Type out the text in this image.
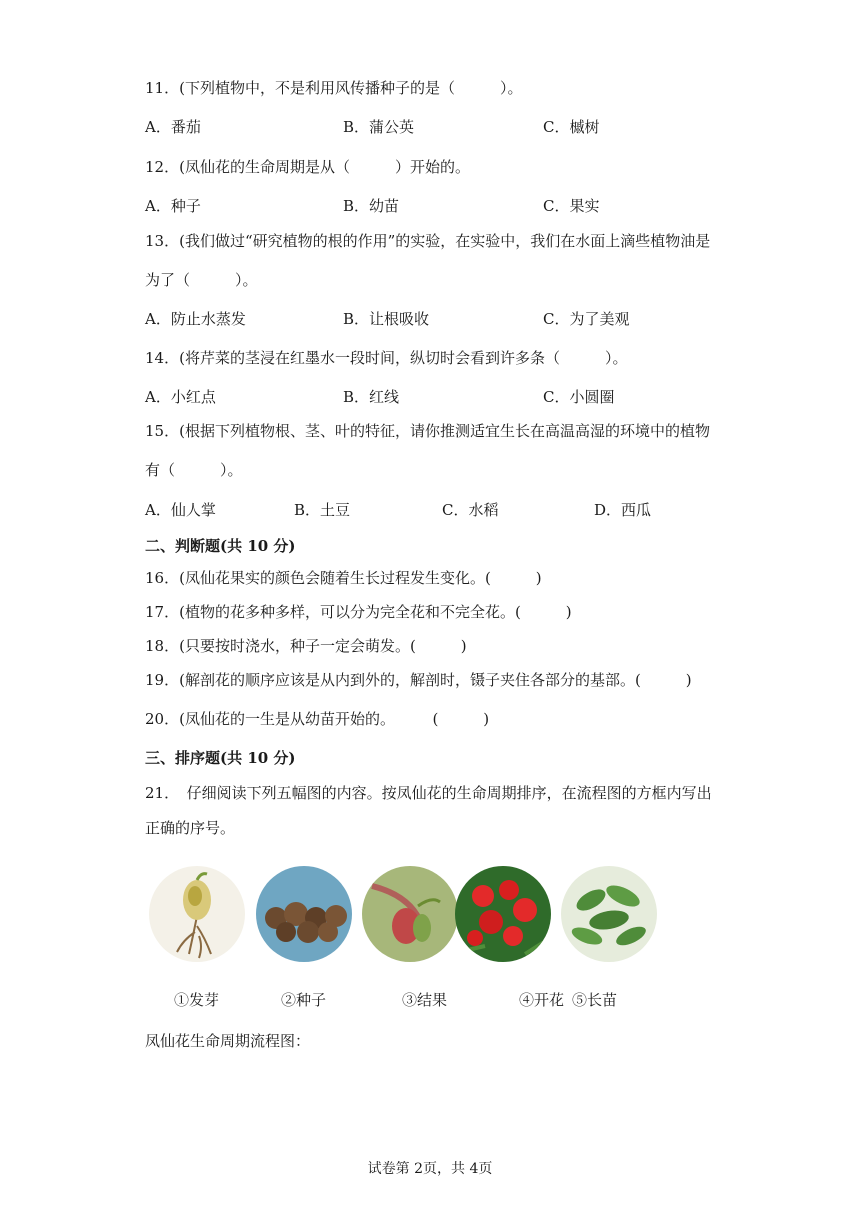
11．(下列植物中，不是利用风传播种子的是（　　　）。
A．番茄	B．蒲公英	C．槭树
12．(凤仙花的生命周期是从（　　　）开始的。
A．种子	B．幼苗	C．果实
13．(我们做过“研究植物的根的作用”的实验，在实验中，我们在水面上滴些植物油是
为了（　　　）。
A．防止水蒸发	B．让根吸收	C．为了美观
14．(将芹菜的茎浸在红墨水一段时间，纵切时会看到许多条（　　　）。
A．小红点	B．红线	C．小圆圈
15．(根据下列植物根、茎、叶的特征，请你推测适宜生长在高温高湿的环境中的植物
有（　　　）。
A．仙人掌	B．土豆	C．水稻	D．西瓜
二、判断题(共 10 分)
16．(凤仙花果实的颜色会随着生长过程发生变化。(　　　)
17．(植物的花多种多样，可以分为完全花和不完全花。(　　　)
18．(只要按时浇水，种子一定会萌发。(　　　)
19．(解剖花的顺序应该是从内到外的，解剖时，镊子夹住各部分的基部。(　　　)
20．(凤仙花的一生是从幼苗开始的。　　　(　　　)
三、排序题(共 10 分)
21．　仔细阅读下列五幅图的内容。按凤仙花的生命周期排序，在流程图的方框内写出
正确的序号。
①发芽	②种子	③结果	④开花 ⑤长苗
凤仙花生命周期流程图：
试卷第 2页，共 4页
